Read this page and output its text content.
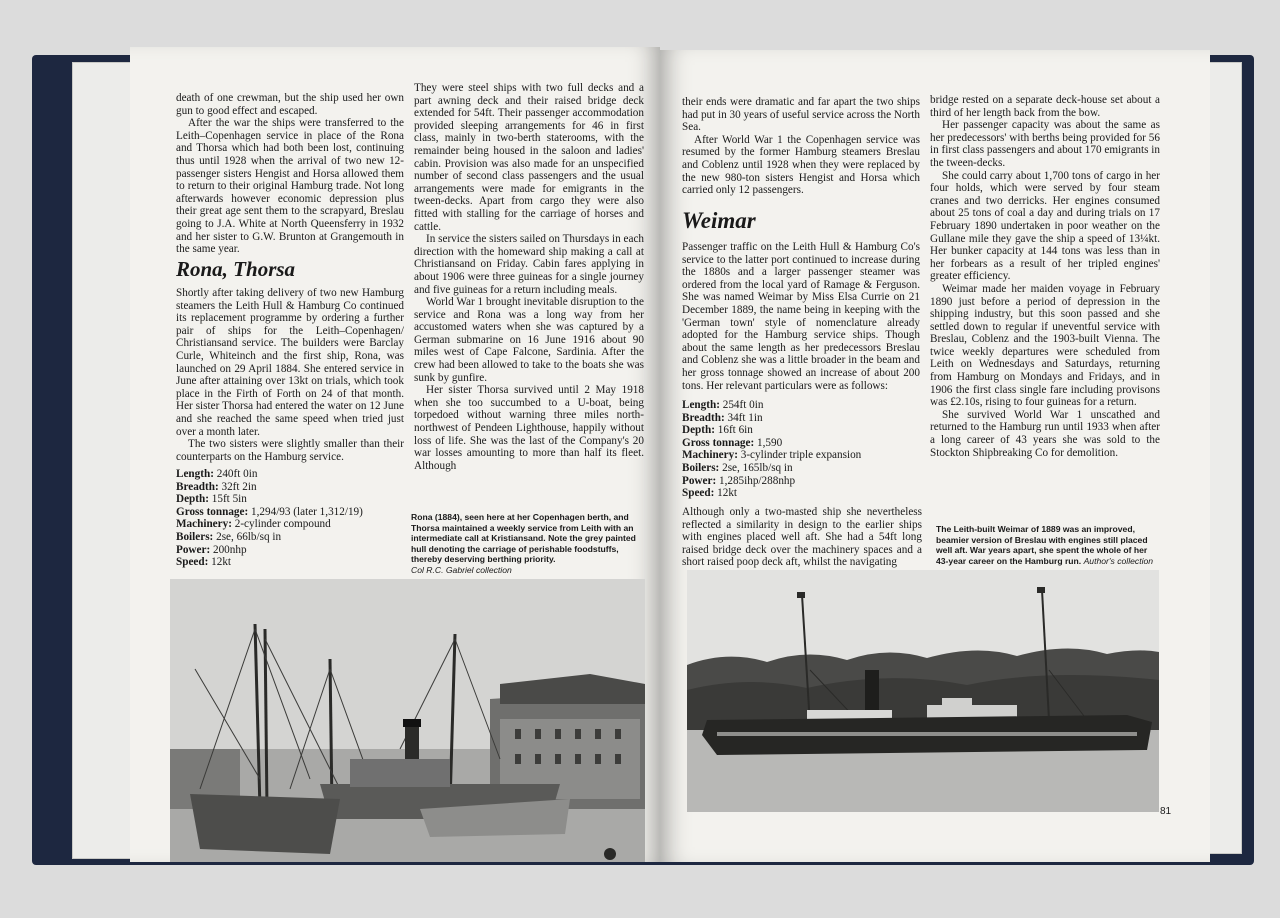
death of one crewman, but the ship used her own gun to good effect and escaped.

After the war the ships were transferred to the Leith–Copenhagen service in place of the Rona and Thorsa which had both been lost, continuing thus until 1928 when the arrival of two new 12-passenger sisters Hengist and Horsa allowed them to return to their original Hamburg trade. Not long afterwards however economic depression plus their great age sent them to the scrapyard, Breslau going to J.A. White at North Queensferry in 1932 and her sister to G.W. Brunton at Grangemouth in the same year.

Rona, Thorsa

Shortly after taking delivery of two new Hamburg steamers the Leith Hull & Hamburg Co continued its replacement programme by ordering a further pair of ships for the Leith–Copenhagen/ Christiansand service. The builders were Barclay Curle, Whiteinch and the first ship, Rona, was launched on 29 April 1884. She entered service in June after attaining over 13kt on trials, which took place in the Firth of Forth on 24 of that month. Her sister Thorsa had entered the water on 12 June and she reached the same speed when tried just over a month later.

The two sisters were slightly smaller than their counterparts on the Hamburg service.

Length: 240ft 0in
Breadth: 32ft 2in
Depth: 15ft 5in
Gross tonnage: 1,294/93 (later 1,312/19)
Machinery: 2-cylinder compound
Boilers: 2se, 66lb/sq in
Power: 200nhp
Speed: 12kt

They were steel ships with two full decks and a part awning deck and their raised bridge deck extended for 54ft. Their passenger accommodation provided sleeping arrangements for 46 in first class, mainly in two-berth staterooms, with the remainder being housed in the saloon and ladies' cabin. Provision was also made for an unspecified number of second class passengers and the usual arrangements were made for emigrants in the tween-decks. Apart from cargo they were also fitted with stalling for the carriage of horses and cattle.

In service the sisters sailed on Thursdays in each direction with the homeward ship making a call at Christiansand on Friday. Cabin fares applying in about 1906 were three guineas for a single journey and five guineas for a return including meals.

World War 1 brought inevitable disruption to the service and Rona was a long way from her accustomed waters when she was captured by a German submarine on 16 June 1916 about 90 miles west of Cape Falcone, Sardinia. After the crew had been allowed to take to the boats she was sunk by gunfire.

Her sister Thorsa survived until 2 May 1918 when she too succumbed to a U-boat, being torpedoed without warning three miles north-northwest of Pendeen Lighthouse, happily without loss of life. She was the last of the Company's 20 war losses amounting to more than half its fleet. Although

Rona (1884), seen here at her Copenhagen berth, and Thorsa maintained a weekly service from Leith with an intermediate call at Kristiansand. Note the grey painted hull denoting the carriage of perishable foodstuffs, thereby deserving berthing priority.
Col R.C. Gabriel collection

their ends were dramatic and far apart the two ships had put in 30 years of useful service across the North Sea.

After World War 1 the Copenhagen service was resumed by the former Hamburg steamers Breslau and Coblenz until 1928 when they were replaced by the new 980-ton sisters Hengist and Horsa which carried only 12 passengers.

Weimar

Passenger traffic on the Leith Hull & Hamburg Co's service to the latter port continued to increase during the 1880s and a larger passenger steamer was ordered from the local yard of Ramage & Ferguson. She was named Weimar by Miss Elsa Currie on 21 December 1889, the name being in keeping with the 'German town' style of nomenclature already adopted for the Hamburg service ships. Though about the same length as her predecessors Breslau and Coblenz she was a little broader in the beam and her gross tonnage showed an increase of about 200 tons. Her relevant particulars were as follows:

Length: 254ft 0in
Breadth: 34ft 1in
Depth: 16ft 6in
Gross tonnage: 1,590
Machinery: 3-cylinder triple expansion
Boilers: 2se, 165lb/sq in
Power: 1,285ihp/288nhp
Speed: 12kt

Although only a two-masted ship she nevertheless reflected a similarity in design to the earlier ships with engines placed well aft. She had a 54ft long raised bridge deck over the machinery spaces and a short raised poop deck aft, whilst the navigating

bridge rested on a separate deck-house set about a third of her length back from the bow.

Her passenger capacity was about the same as her predecessors' with berths being provided for 56 in first class passengers and about 170 emigrants in the tween-decks.

She could carry about 1,700 tons of cargo in her four holds, which were served by four steam cranes and two derricks. Her engines consumed about 25 tons of coal a day and during trials on 17 February 1890 undertaken in poor weather on the Gullane mile they gave the ship a speed of 13¼kt. Her bunker capacity at 144 tons was less than in her forbears as a result of her tripled engines' greater efficiency.

Weimar made her maiden voyage in February 1890 just before a period of depression in the shipping industry, but this soon passed and she settled down to regular if uneventful service with Breslau, Coblenz and the 1903-built Vienna. The twice weekly departures were scheduled from Leith on Wednesdays and Saturdays, returning from Hamburg on Mondays and Fridays, and in 1906 the first class single fare including provisons was £2.10s, rising to four guineas for a return.

She survived World War 1 unscathed and returned to the Hamburg run until 1933 when after a long career of 43 years she was sold to the Stockton Shipbreaking Co for demolition.

The Leith-built Weimar of 1889 was an improved, beamier version of Breslau with engines still placed well aft. War years apart, she spent the whole of her 43-year career on the Hamburg run. Author's collection
81
